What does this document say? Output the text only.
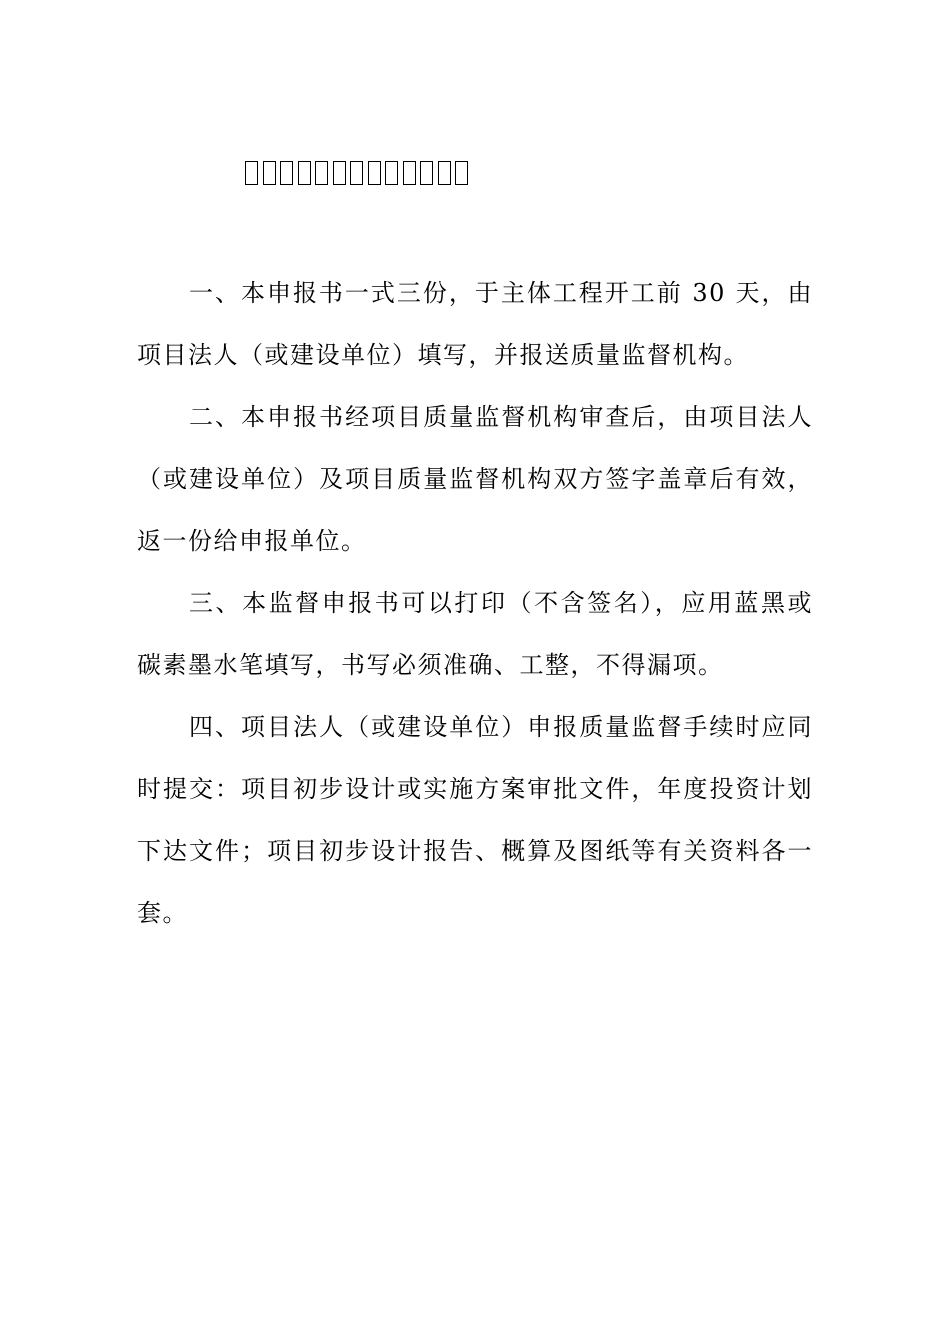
一、本申报书一式三份，于主体工程开工前 30 天，由项目法人（或建设单位）填写，并报送质量监督机构。

二、本申报书经项目质量监督机构审查后，由项目法人（或建设单位）及项目质量监督机构双方签字盖章后有效，返一份给申报单位。

三、本监督申报书可以打印（不含签名），应用蓝黑或碳素墨水笔填写，书写必须准确、工整，不得漏项。

四、项目法人（或建设单位）申报质量监督手续时应同时提交：项目初步设计或实施方案审批文件，年度投资计划下达文件；项目初步设计报告、概算及图纸等有关资料各一套。
